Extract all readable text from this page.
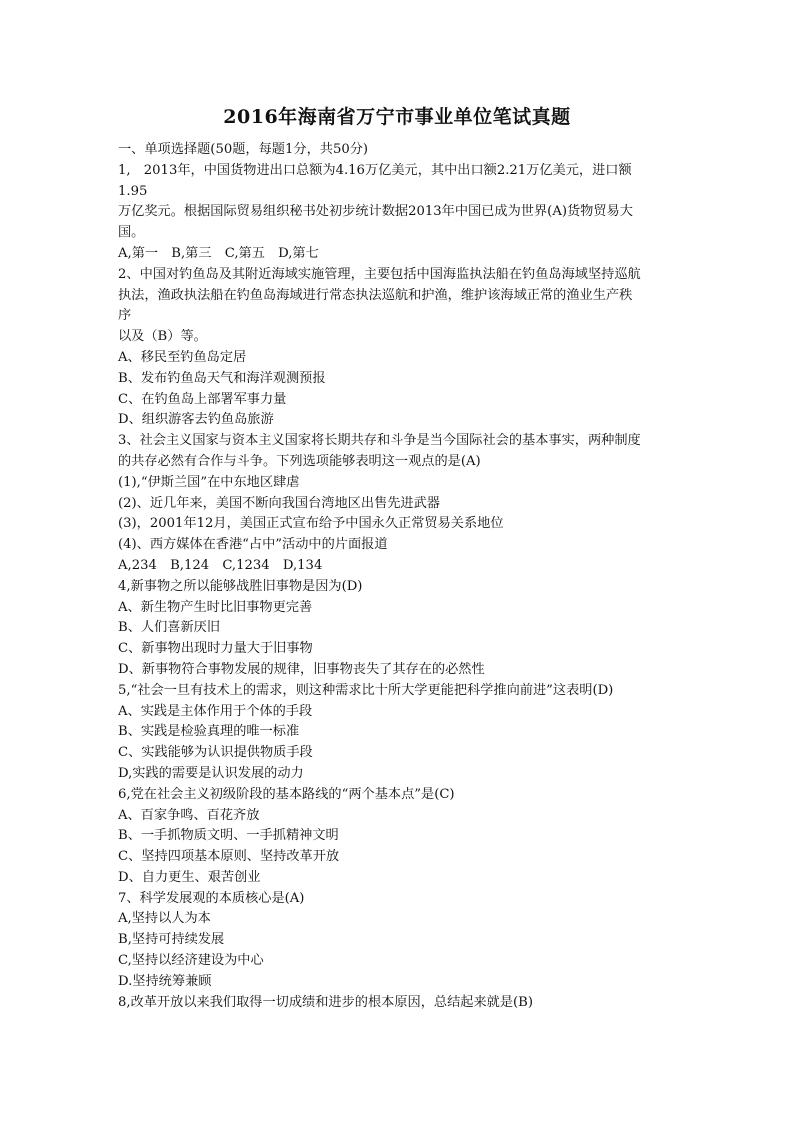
2016年海南省万宁市事业单位笔试真题
一、单项选择题(50题，每题1分，共50分)
1,　2013年，中国货物进出口总额为4.16万亿美元，其中出口额2.21万亿美元，进口额
1.95
万亿奖元。根据国际贸易组织秘书处初步统计数据2013年中国已成为世界(A)货物贸易大
国。
A,第一　B,第三　C,第五　D,第七
2、中国对钓鱼岛及其附近海域实施管理，主要包括中国海监执法船在钓鱼岛海域坚持巡航
执法，渔政执法船在钓鱼岛海域进行常态执法巡航和护渔，维护该海域正常的渔业生产秩
序
以及（B）等。
A、移民至钓鱼岛定居
B、发布钓鱼岛天气和海洋观测预报
C、在钓鱼岛上部署军事力量
D、组织游客去钓鱼岛旅游
3、社会主义国家与资本主义国家将长期共存和斗争是当今国际社会的基本事实，两种制度
的共存必然有合作与斗争。下列选项能够表明这一观点的是(A)
(1),“伊斯兰国”在中东地区肆虐
(2)、近几年来，美国不断向我国台湾地区出售先进武器
(3)，2001年12月，美国正式宣布给予中国永久正常贸易关系地位
(4)、西方媒体在香港“占中”活动中的片面报道
A,234　B,124　C,1234　D,134
4,新事物之所以能够战胜旧事物是因为(D)
A、新生物产生时比旧事物更完善
B、人们喜新厌旧
C、新事物出现时力量大于旧事物
D、新事物符合事物发展的规律，旧事物丧失了其存在的必然性
5,“社会一旦有技术上的需求，则这种需求比十所大学更能把科学推向前进”这表明(D)
A、实践是主体作用于个体的手段
B、实践是检验真理的唯一标准
C、实践能够为认识提供物质手段
D,实践的需要是认识发展的动力
6,党在社会主义初级阶段的基本路线的“两个基本点”是(C)
A、百家争鸣、百花齐放
B、一手抓物质文明、一手抓精神文明
C、坚持四项基本原则、坚持改革开放
D、自力更生、艰苦创业
7、科学发展观的本质核心是(A)
A,坚持以人为本
B,坚持可持续发展
C,坚持以经济建设为中心
D.坚持统筹兼顾
8,改革开放以来我们取得一切成绩和进步的根本原因，总结起来就是(B)
